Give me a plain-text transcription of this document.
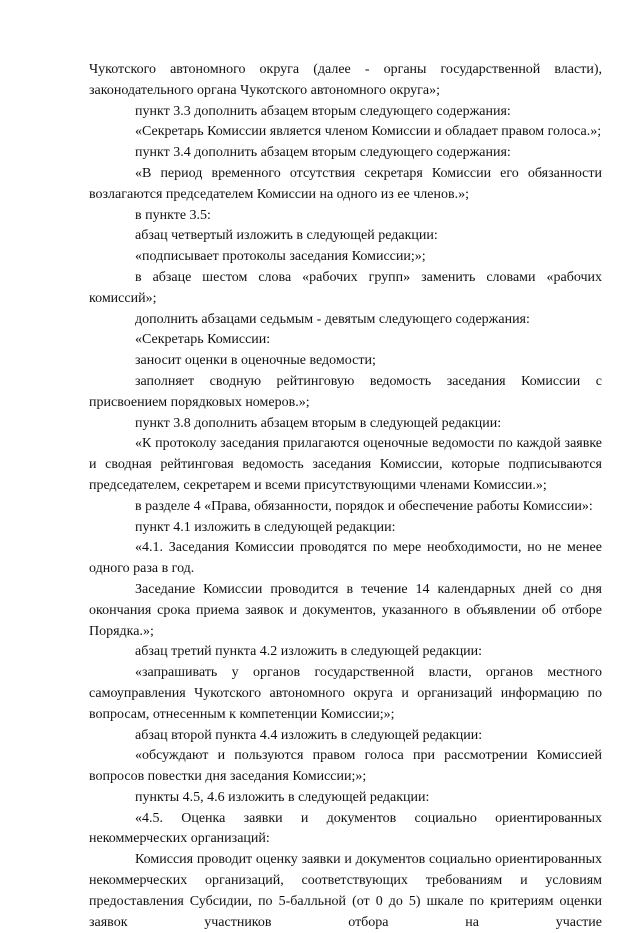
Чукотского автономного округа (далее - органы государственной власти), законодательного органа Чукотского автономного округа»;

пункт 3.3 дополнить абзацем вторым следующего содержания:

«Секретарь Комиссии является членом Комиссии и обладает правом голоса.»;

пункт 3.4 дополнить абзацем вторым следующего содержания:

«В период временного отсутствия секретаря Комиссии его обязанности возлагаются председателем Комиссии на одного из ее членов.»;

в пункте 3.5:

абзац четвертый изложить в следующей редакции:

«подписывает протоколы заседания Комиссии;»;

в абзаце шестом слова «рабочих групп» заменить словами «рабочих комиссий»;

дополнить абзацами седьмым - девятым следующего содержания:

«Секретарь Комиссии:

заносит оценки в оценочные ведомости;

заполняет сводную рейтинговую ведомость заседания Комиссии с присвоением порядковых номеров.»;

пункт 3.8 дополнить абзацем вторым в следующей редакции:

«К протоколу заседания прилагаются оценочные ведомости по каждой заявке и сводная рейтинговая ведомость заседания Комиссии, которые подписываются председателем, секретарем и всеми присутствующими членами Комиссии.»;

в разделе 4 «Права, обязанности, порядок и обеспечение работы Комиссии»:

пункт 4.1 изложить в следующей редакции:

«4.1. Заседания Комиссии проводятся по мере необходимости, но не менее одного раза в год.

Заседание Комиссии проводится в течение 14 календарных дней со дня окончания срока приема заявок и документов, указанного в объявлении об отборе Порядка.»;

абзац третий пункта 4.2 изложить в следующей редакции:

«запрашивать у органов государственной власти, органов местного самоуправления Чукотского автономного округа и организаций информацию по вопросам, отнесенным к компетенции Комиссии;»;

абзац второй пункта 4.4 изложить в следующей редакции:

«обсуждают и пользуются правом голоса при рассмотрении Комиссией вопросов повестки дня заседания Комиссии;»;

пункты 4.5, 4.6 изложить в следующей редакции:

«4.5. Оценка заявки и документов социально ориентированных некоммерческих организаций:

Комиссия проводит оценку заявки и документов социально ориентированных некоммерческих организаций, соответствующих требованиям и условиям предоставления Субсидии, по 5-балльной (от 0 до 5) шкале по критериям оценки заявок участников отбора на участие
